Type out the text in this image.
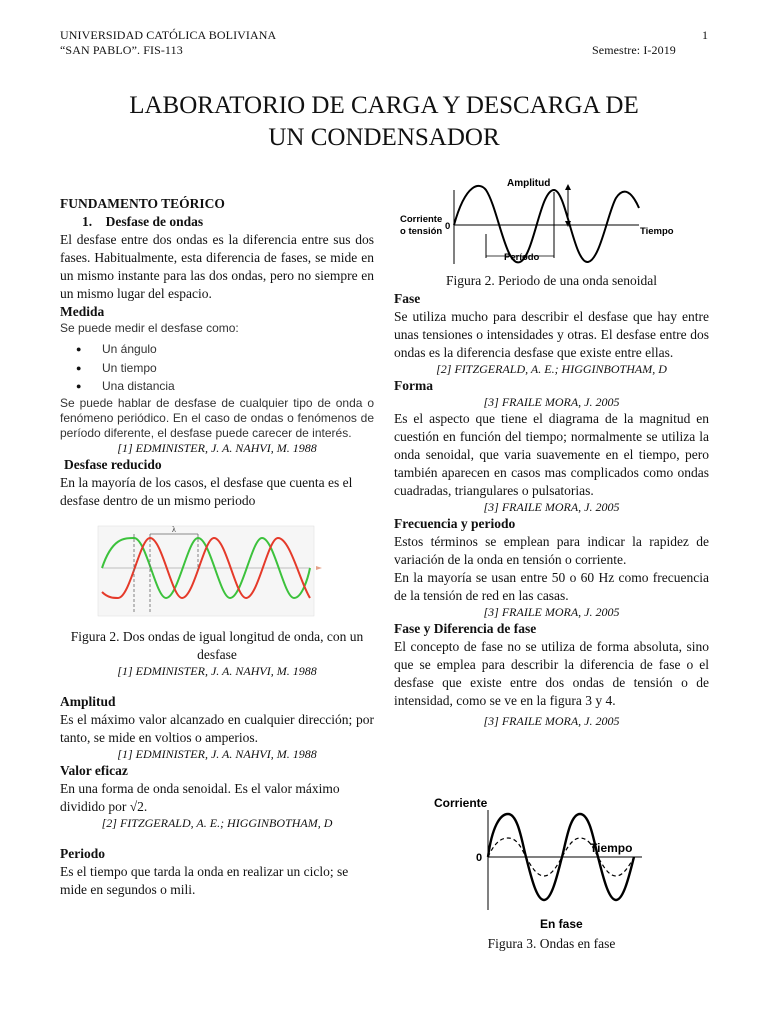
UNIVERSIDAD CATÓLICA BOLIVIANA
“SAN PABLO”. FIS-113
1
Semestre: I-2019
LABORATORIO DE CARGA Y DESCARGA DE
UN CONDENSADOR
FUNDAMENTO TEÓRICO
1. Desfase de ondas

El desfase entre dos ondas es la diferencia entre sus dos fases. Habitualmente, esta diferencia de fases, se mide en un mismo instante para las dos ondas, pero no siempre en un mismo lugar del espacio.

Medida

Se puede medir el desfase como:

● Un ángulo
● Un tiempo
● Una distancia

Se puede hablar de desfase de cualquier tipo de onda o fenómeno periódico. En el caso de ondas o fenómenos de período diferente, el desfase puede carecer de interés.

[1] EDMINISTER, J. A. NAHVI, M. 1988

Desfase reducido

En la mayoría de los casos, el desfase que cuenta es el desfase dentro de un mismo periodo

λ

Figura 2. Dos ondas de igual longitud de onda, con un desfase

[1] EDMINISTER, J. A. NAHVI, M. 1988

Amplitud

Es el máximo valor alcanzado en cualquier dirección; por tanto, se mide en voltios o amperios.

[1] EDMINISTER, J. A. NAHVI, M. 1988

Valor eficaz

En una forma de onda senoidal. Es el valor máximo dividido por √2.

[2] FITZGERALD, A. E.; HIGGINBOTHAM, D

Periodo

Es el tiempo que tarda la onda en realizar un ciclo; se mide en segundos o mili.

Amplitud
Corriente
o tensión 0	Tiempo
Período
Figura 2. Periodo de una onda senoidal
Fase

Se utiliza mucho para describir el desfase que hay entre unas tensiones o intensidades y otras. El desfase entre dos ondas es la diferencia desfase que existe entre ellas.

[2] FITZGERALD, A. E.; HIGGINBOTHAM, D

Forma

[3] FRAILE MORA, J. 2005

Es el aspecto que tiene el diagrama de la magnitud en cuestión en función del tiempo; normalmente se utiliza la onda senoidal, que varia suavemente en el tiempo, pero también aparecen en casos mas complicados como ondas cuadradas, triangulares o pulsatorias.

[3] FRAILE MORA, J. 2005

Frecuencia y periodo

Estos términos se emplean para indicar la rapidez de variación de la onda en tensión o corriente.

En la mayoría se usan entre 50 o 60 Hz como frecuencia de la tensión de red en las casas.

[3] FRAILE MORA, J. 2005

Fase y Diferencia de fase

El concepto de fase no se utiliza de forma absoluta, sino que se emplea para describir la diferencia de fase o el desfase que existe entre dos ondas de tensión o de intensidad, como se ve en la figura 3 y 4.

[3] FRAILE MORA, J. 2005

Corriente
0
Tiempo
En fase
Figura 3. Ondas en fase
